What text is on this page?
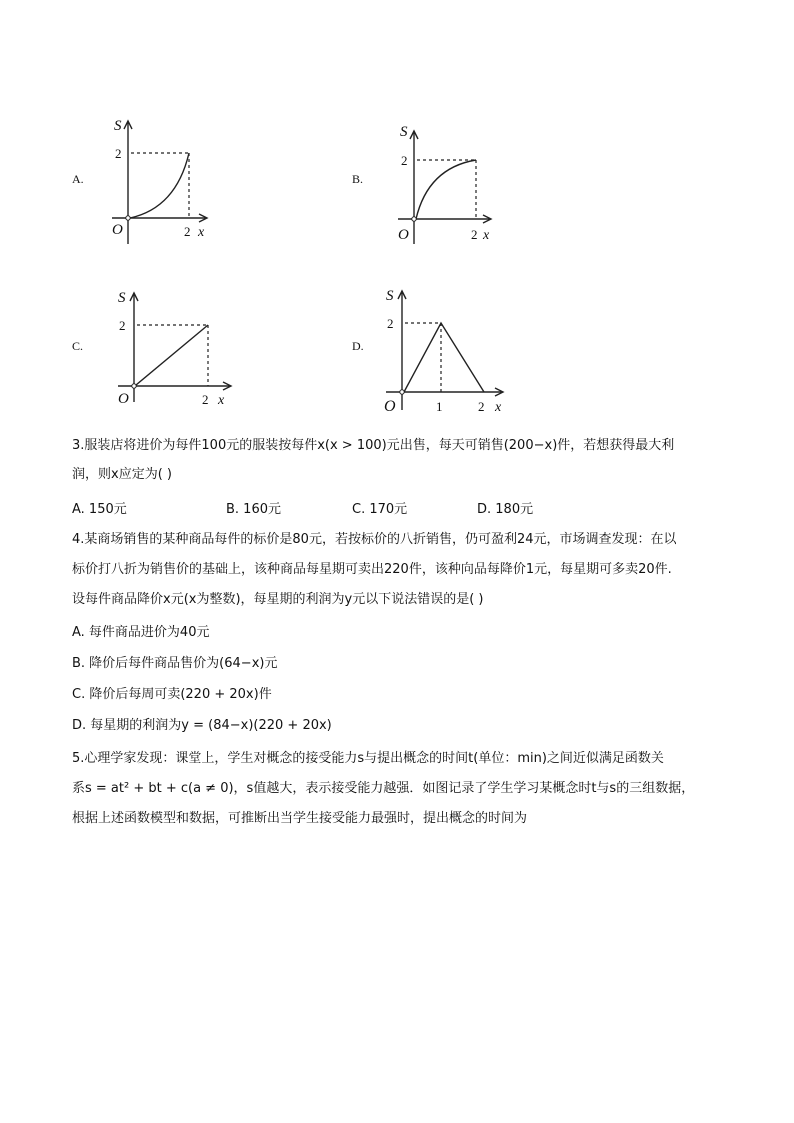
A.
S
2
O	2 x
B.
S
2
O	2 x
C.
S
2
O	2 x
D.
S
2
O	1	2 x
3.服装店将进价为每件100元的服装按每件x(x > 100)元出售，每天可销售(200−x)件，若想获得最大利
润，则x应定为( )
A. 150元	B. 160元	C. 170元	D. 180元
4.某商场销售的某种商品每件的标价是80元，若按标价的八折销售，仍可盈利24元，市场调查发现：在以
标价打八折为销售价的基础上，该种商品每星期可卖出220件，该种向品每降价1元，每星期可多卖20件.
设每件商品降价x元(x为整数)，每星期的利润为y元以下说法错误的是( )
A. 每件商品进价为40元
B. 降价后每件商品售价为(64−x)元
C. 降价后每周可卖(220 + 20x)件
D. 每星期的利润为y = (84−x)(220 + 20x)
5.心理学家发现：课堂上，学生对概念的接受能力s与提出概念的时间t(单位：min)之间近似满足函数关
系s = at² + bt + c(a ≠ 0)，s值越大，表示接受能力越强．如图记录了学生学习某概念时t与s的三组数据，
根据上述函数模型和数据，可推断出当学生接受能力最强时，提出概念的时间为
